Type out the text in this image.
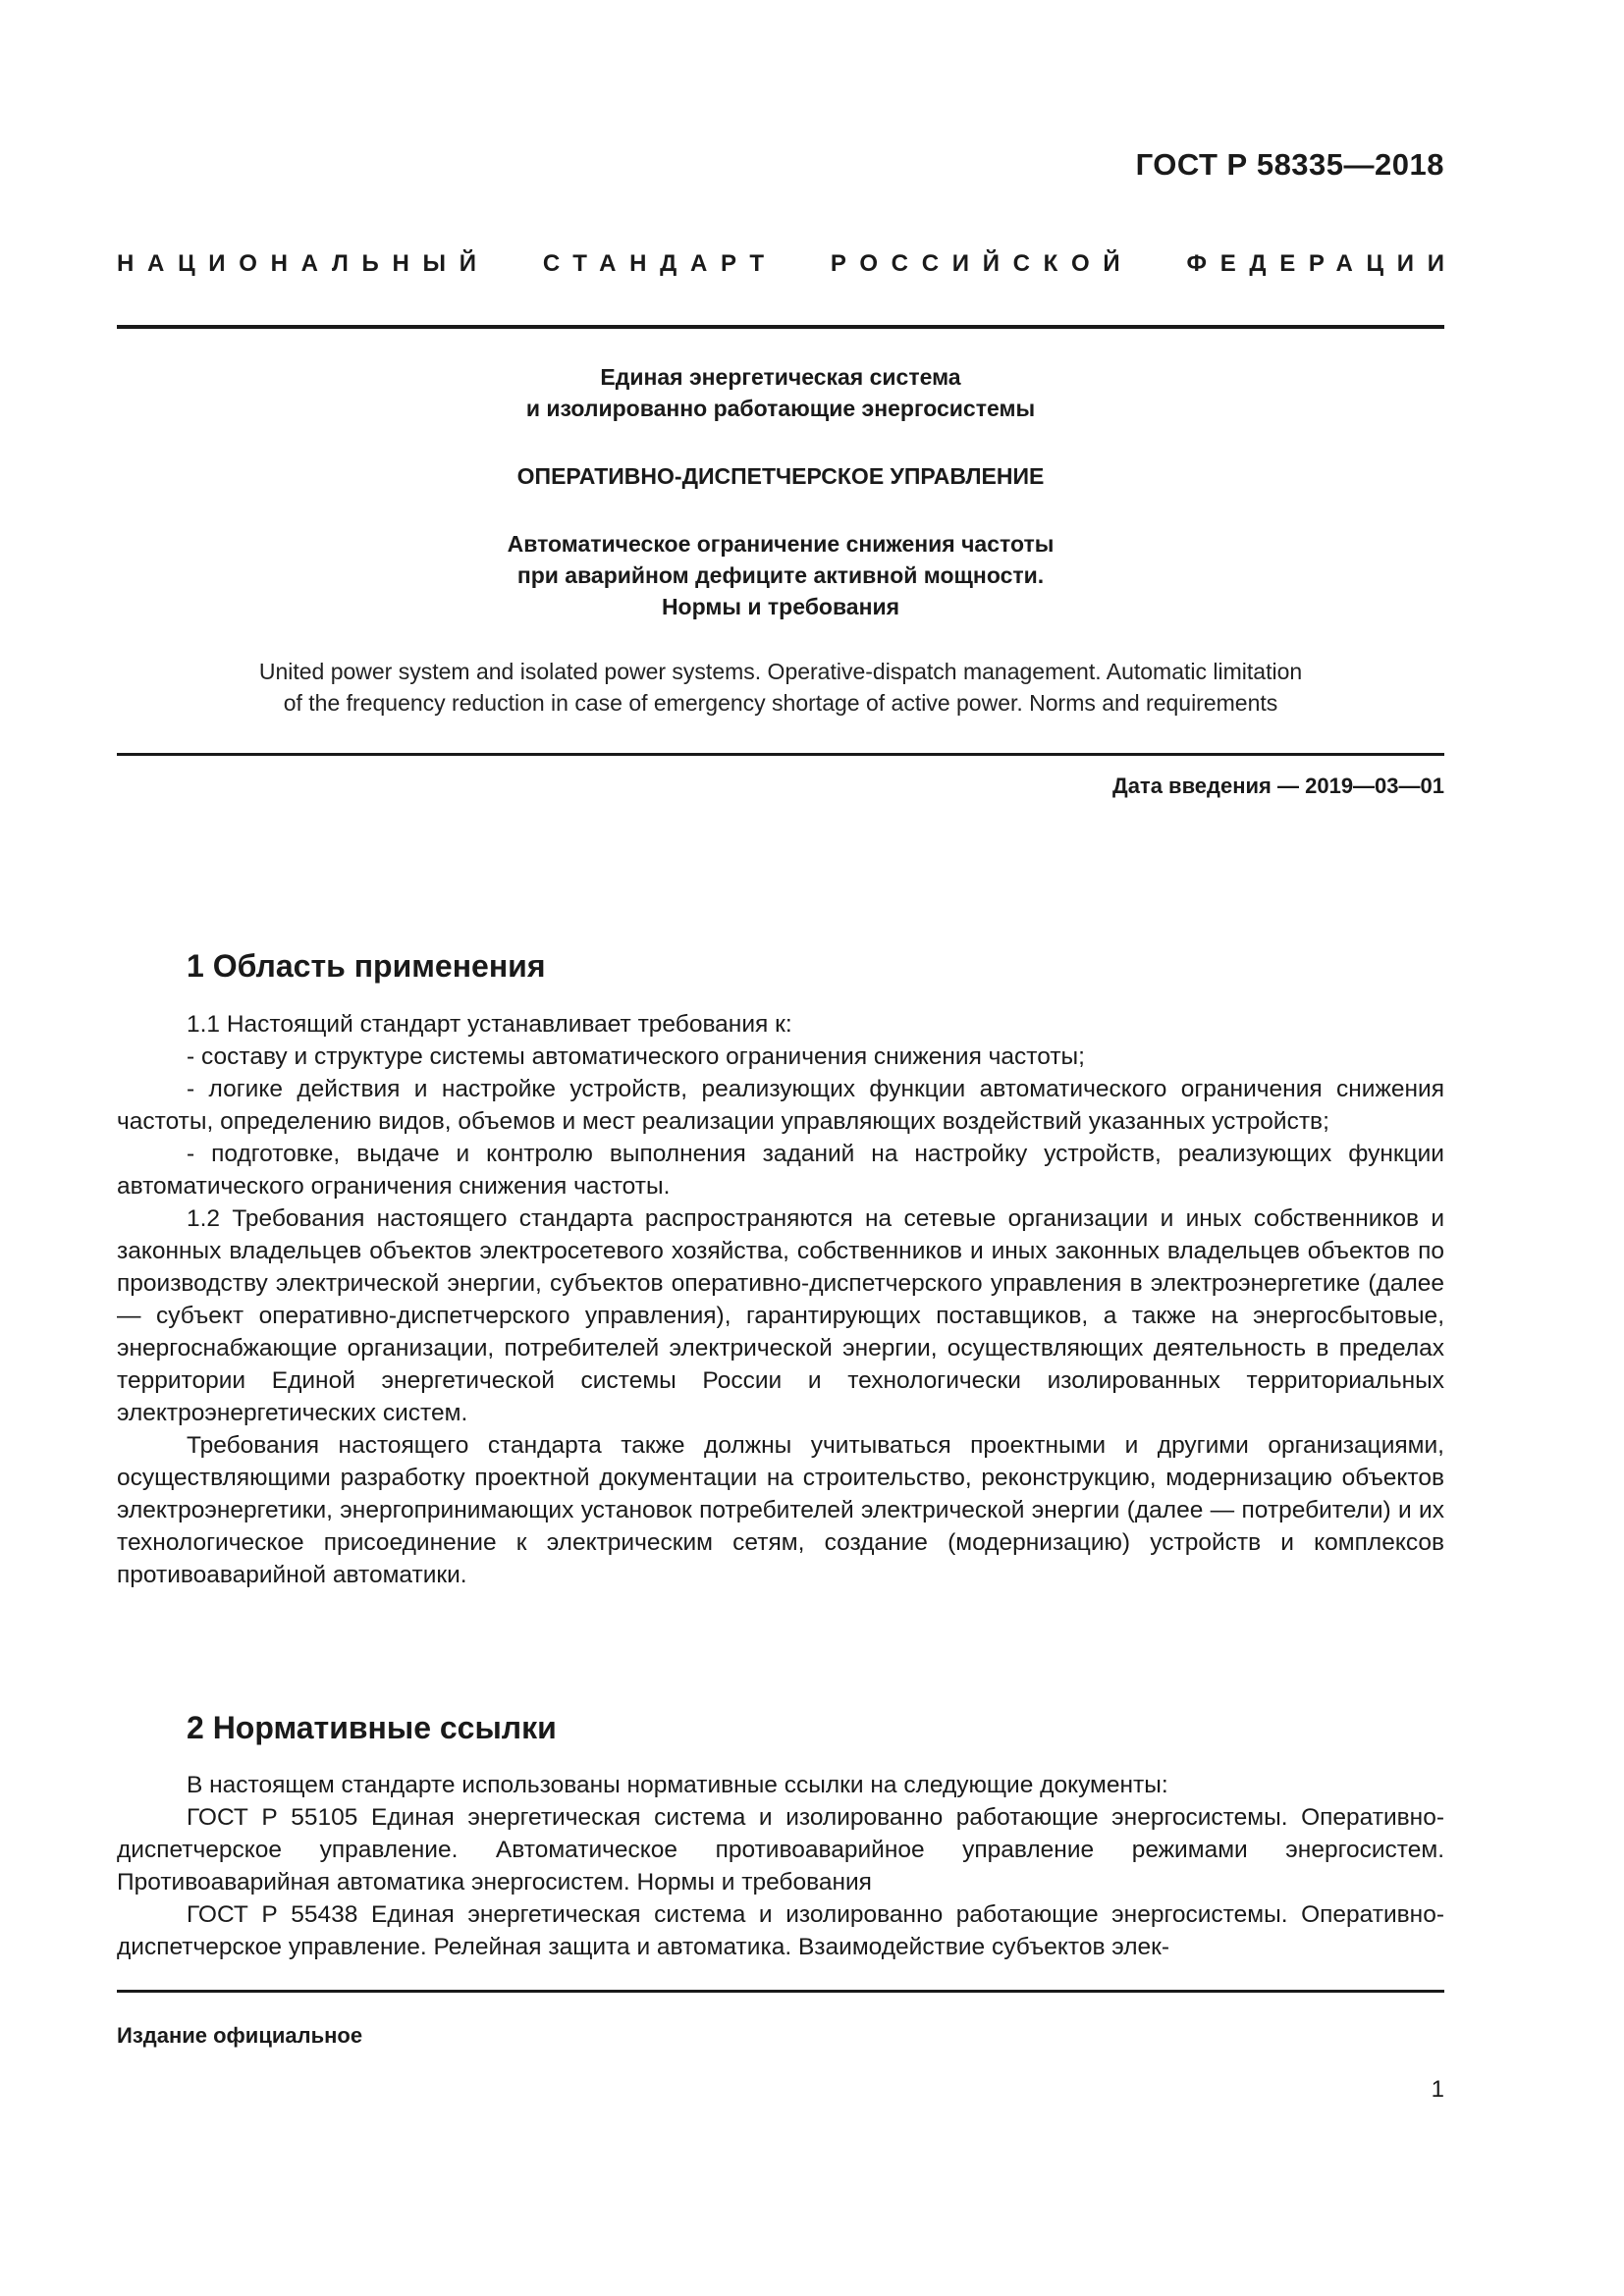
ГОСТ Р 58335—2018
НАЦИОНАЛЬНЫЙ СТАНДАРТ РОССИЙСКОЙ ФЕДЕРАЦИИ
Единая энергетическая система
и изолированно работающие энергосистемы
ОПЕРАТИВНО-ДИСПЕТЧЕРСКОЕ УПРАВЛЕНИЕ
Автоматическое ограничение снижения частоты
при аварийном дефиците активной мощности.
Нормы и требования
United power system and isolated power systems. Operative-dispatch management. Automatic limitation
of the frequency reduction in case of emergency shortage of active power. Norms and requirements
Дата введения — 2019—03—01
1 Область применения

1.1 Настоящий стандарт устанавливает требования к:

- составу и структуре системы автоматического ограничения снижения частоты;

- логике действия и настройке устройств, реализующих функции автоматического ограничения снижения частоты, определению видов, объемов и мест реализации управляющих воздействий указанных устройств;

- подготовке, выдаче и контролю выполнения заданий на настройку устройств, реализующих функции автоматического ограничения снижения частоты.

1.2 Требования настоящего стандарта распространяются на сетевые организации и иных собственников и законных владельцев объектов электросетевого хозяйства, собственников и иных законных владельцев объектов по производству электрической энергии, субъектов оперативно-диспетчерского управления в электроэнергетике (далее — субъект оперативно-диспетчерского управления), гарантирующих поставщиков, а также на энергосбытовые, энергоснабжающие организации, потребителей электрической энергии, осуществляющих деятельность в пределах территории Единой энергетической системы России и технологически изолированных территориальных электроэнергетических систем.

Требования настоящего стандарта также должны учитываться проектными и другими организациями, осуществляющими разработку проектной документации на строительство, реконструкцию, модернизацию объектов электроэнергетики, энергопринимающих установок потребителей электрической энергии (далее — потребители) и их технологическое присоединение к электрическим сетям, создание (модернизацию) устройств и комплексов противоаварийной автоматики.

2 Нормативные ссылки

В настоящем стандарте использованы нормативные ссылки на следующие документы:

ГОСТ Р 55105 Единая энергетическая система и изолированно работающие энергосистемы. Оперативно-диспетчерское управление. Автоматическое противоаварийное управление режимами энергосистем. Противоаварийная автоматика энергосистем. Нормы и требования

ГОСТ Р 55438 Единая энергетическая система и изолированно работающие энергосистемы. Оперативно-диспетчерское управление. Релейная защита и автоматика. Взаимодействие субъектов элек-

Издание официальное
1
